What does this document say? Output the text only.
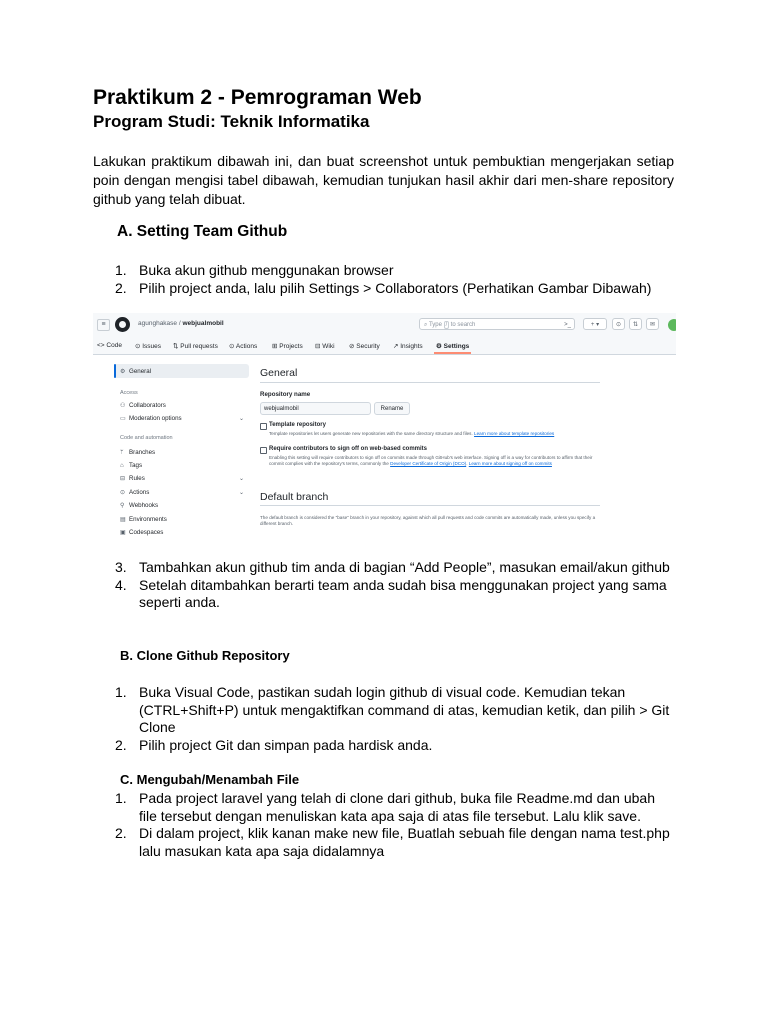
Praktikum 2 - Pemrograman Web
Program Studi: Teknik Informatika

Lakukan praktikum dibawah ini, dan buat screenshot untuk pembuktian mengerjakan setiap poin dengan mengisi tabel dibawah, kemudian tunjukan hasil akhir dari men-share repository github yang telah dibuat.

A. Setting Team Github
1. Buka akun github menggunakan browser
2. Pilih project anda, lalu pilih Settings > Collaborators (Perhatikan Gambar Dibawah)
≡	agunghakase / webjualmobil	⌕ Type / to search	>_	+ ▾	⊙	⇅	✉
<> Code ⊙ Issues ⇅ Pull requests ⊙ Actions ⊞ Projects ⊟ Wiki ⊘ Security ↗ Insights ⚙ Settings
⚙ General
Access
⚇ Collaborators
▭ Moderation options	⌄
Code and automation
ᛘ Branches
⌂ Tags
⊟ Rules	⌄
⊙ Actions	⌄
⚲ Webhooks
▤ Environments
▣ Codespaces
General
Repository name
webjualmobil	Rename
Template repository
Template repositories let users generate new repositories with the same directory structure and files. Learn more about template repositories
Require contributors to sign off on web-based commits
Enabling this setting will require contributors to sign off on commits made through GitHub's web interface. Signing off is a way for contributors to affirm that their commit complies with the repository's terms, commonly the Developer Certificate of Origin (DCO). Learn more about signing off on commits
Default branch
The default branch is considered the "base" branch in your repository, against which all pull requests and code commits are automatically made, unless you specify a different branch.
3. Tambahkan akun github tim anda di bagian “Add People”, masukan email/akun github
4. Setelah ditambahkan berarti team anda sudah bisa menggunakan project yang sama seperti anda.
B. Clone Github Repository
1. Buka Visual Code, pastikan sudah login github di visual code. Kemudian tekan (CTRL+Shift+P) untuk mengaktifkan command di atas, kemudian ketik, dan pilih > Git Clone
2. Pilih project Git dan simpan pada hardisk anda.
C. Mengubah/Menambah File
1. Pada project laravel yang telah di clone dari github, buka file Readme.md dan ubah file tersebut dengan menuliskan kata apa saja di atas file tersebut. Lalu klik save.
2. Di dalam project, klik kanan make new file, Buatlah sebuah file dengan nama test.php lalu masukan kata apa saja didalamnya
